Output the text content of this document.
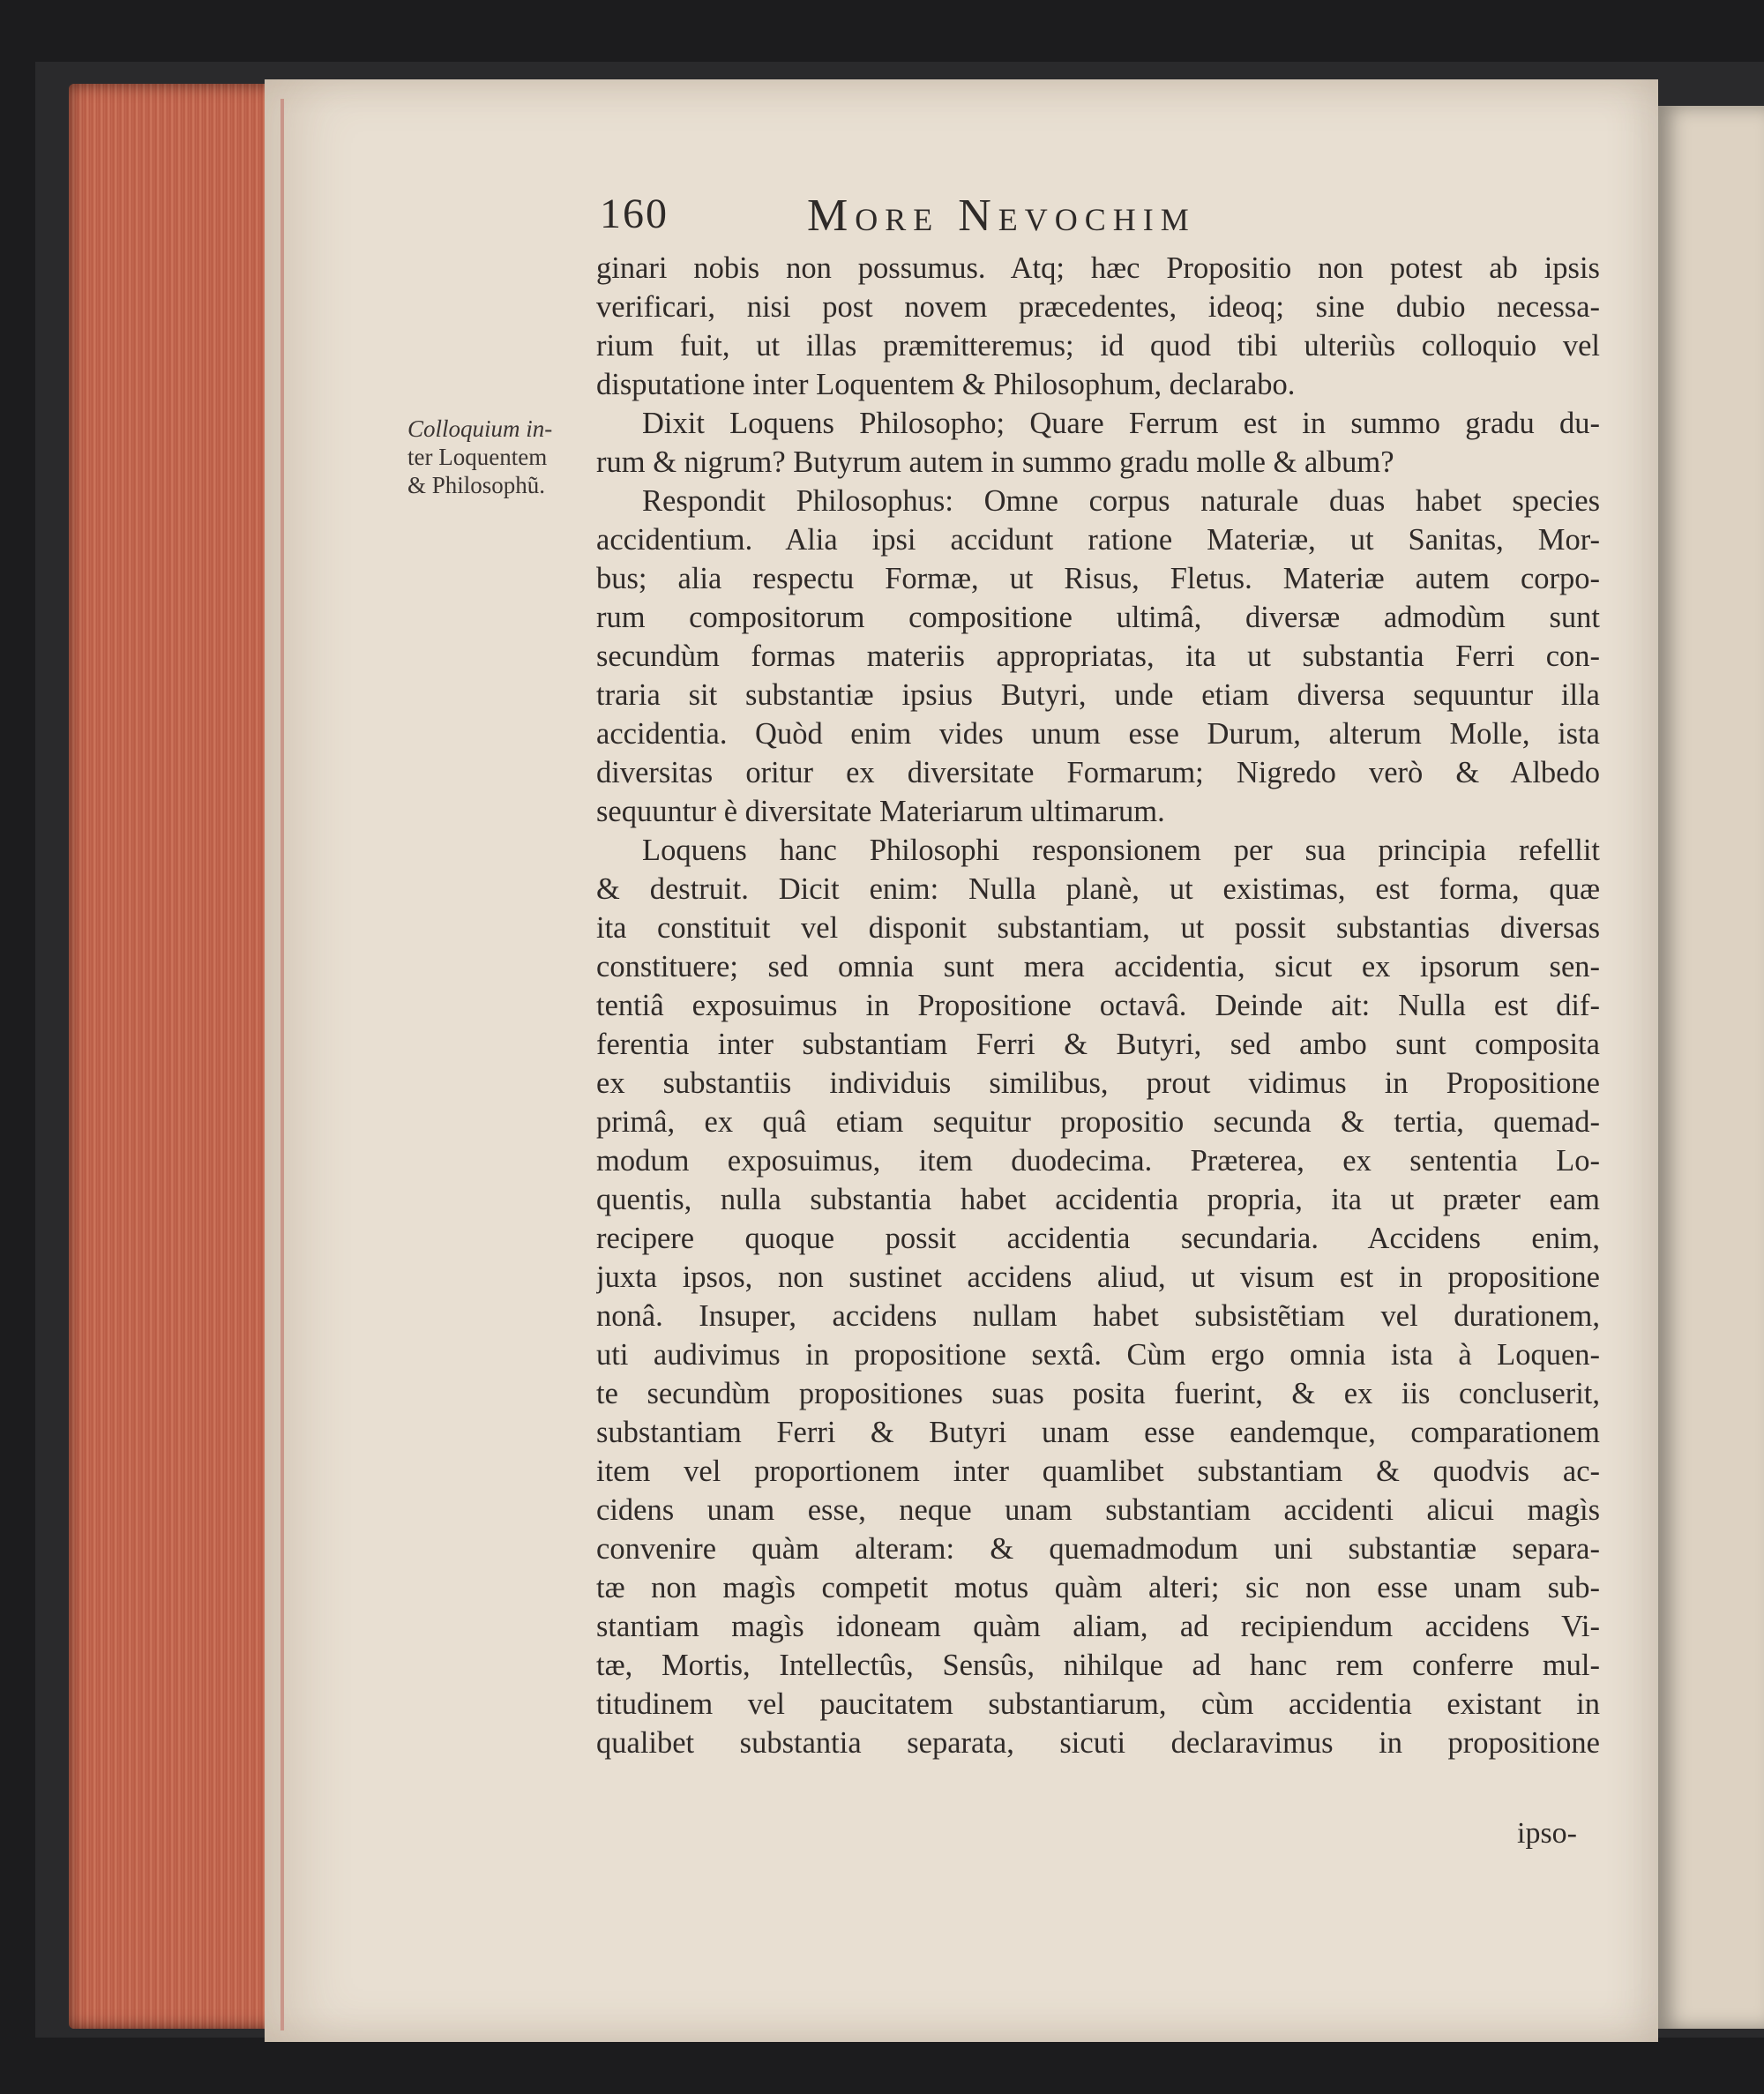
160	More Nevochim
Colloquium in-
ter Loquentem
& Philosophũ.
ginari nobis non possumus. Atq; hæc Propositio non potest ab ipsis
verificari, nisi post novem præcedentes, ideoq; sine dubio necessa-
rium fuit, ut illas præmitteremus; id quod tibi ulteriùs colloquio vel
disputatione inter Loquentem & Philosophum, declarabo.
Dixit Loquens Philosopho; Quare Ferrum est in summo gradu du-
rum & nigrum? Butyrum autem in summo gradu molle & album?
Respondit Philosophus: Omne corpus naturale duas habet species
accidentium. Alia ipsi accidunt ratione Materiæ, ut Sanitas, Mor-
bus; alia respectu Formæ, ut Risus, Fletus. Materiæ autem corpo-
rum compositorum compositione ultimâ, diversæ admodùm sunt
secundùm formas materiis appropriatas, ita ut substantia Ferri con-
traria sit substantiæ ipsius Butyri, unde etiam diversa sequuntur illa
accidentia. Quòd enim vides unum esse Durum, alterum Molle, ista
diversitas oritur ex diversitate Formarum; Nigredo verò & Albedo
sequuntur è diversitate Materiarum ultimarum.
Loquens hanc Philosophi responsionem per sua principia refellit
& destruit. Dicit enim: Nulla planè, ut existimas, est forma, quæ
ita constituit vel disponit substantiam, ut possit substantias diversas
constituere; sed omnia sunt mera accidentia, sicut ex ipsorum sen-
tentiâ exposuimus in Propositione octavâ. Deinde ait: Nulla est dif-
ferentia inter substantiam Ferri & Butyri, sed ambo sunt composita
ex substantiis individuis similibus, prout vidimus in Propositione
primâ, ex quâ etiam sequitur propositio secunda & tertia, quemad-
modum exposuimus, item duodecima. Præterea, ex sententia Lo-
quentis, nulla substantia habet accidentia propria, ita ut præter eam
recipere quoque possit accidentia secundaria. Accidens enim,
juxta ipsos, non sustinet accidens aliud, ut visum est in propositione
nonâ. Insuper, accidens nullam habet subsistẽtiam vel durationem,
uti audivimus in propositione sextâ. Cùm ergo omnia ista à Loquen-
te secundùm propositiones suas posita fuerint, & ex iis concluserit,
substantiam Ferri & Butyri unam esse eandemque, comparationem
item vel proportionem inter quamlibet substantiam & quodvis ac-
cidens unam esse, neque unam substantiam accidenti alicui magìs
convenire quàm alteram: & quemadmodum uni substantiæ separa-
tæ non magìs competit motus quàm alteri; sic non esse unam sub-
stantiam magìs idoneam quàm aliam, ad recipiendum accidens Vi-
tæ, Mortis, Intellectûs, Sensûs, nihilque ad hanc rem conferre mul-
titudinem vel paucitatem substantiarum, cùm accidentia existant in
qualibet substantia separata, sicuti declaravimus in propositione
ipso-
